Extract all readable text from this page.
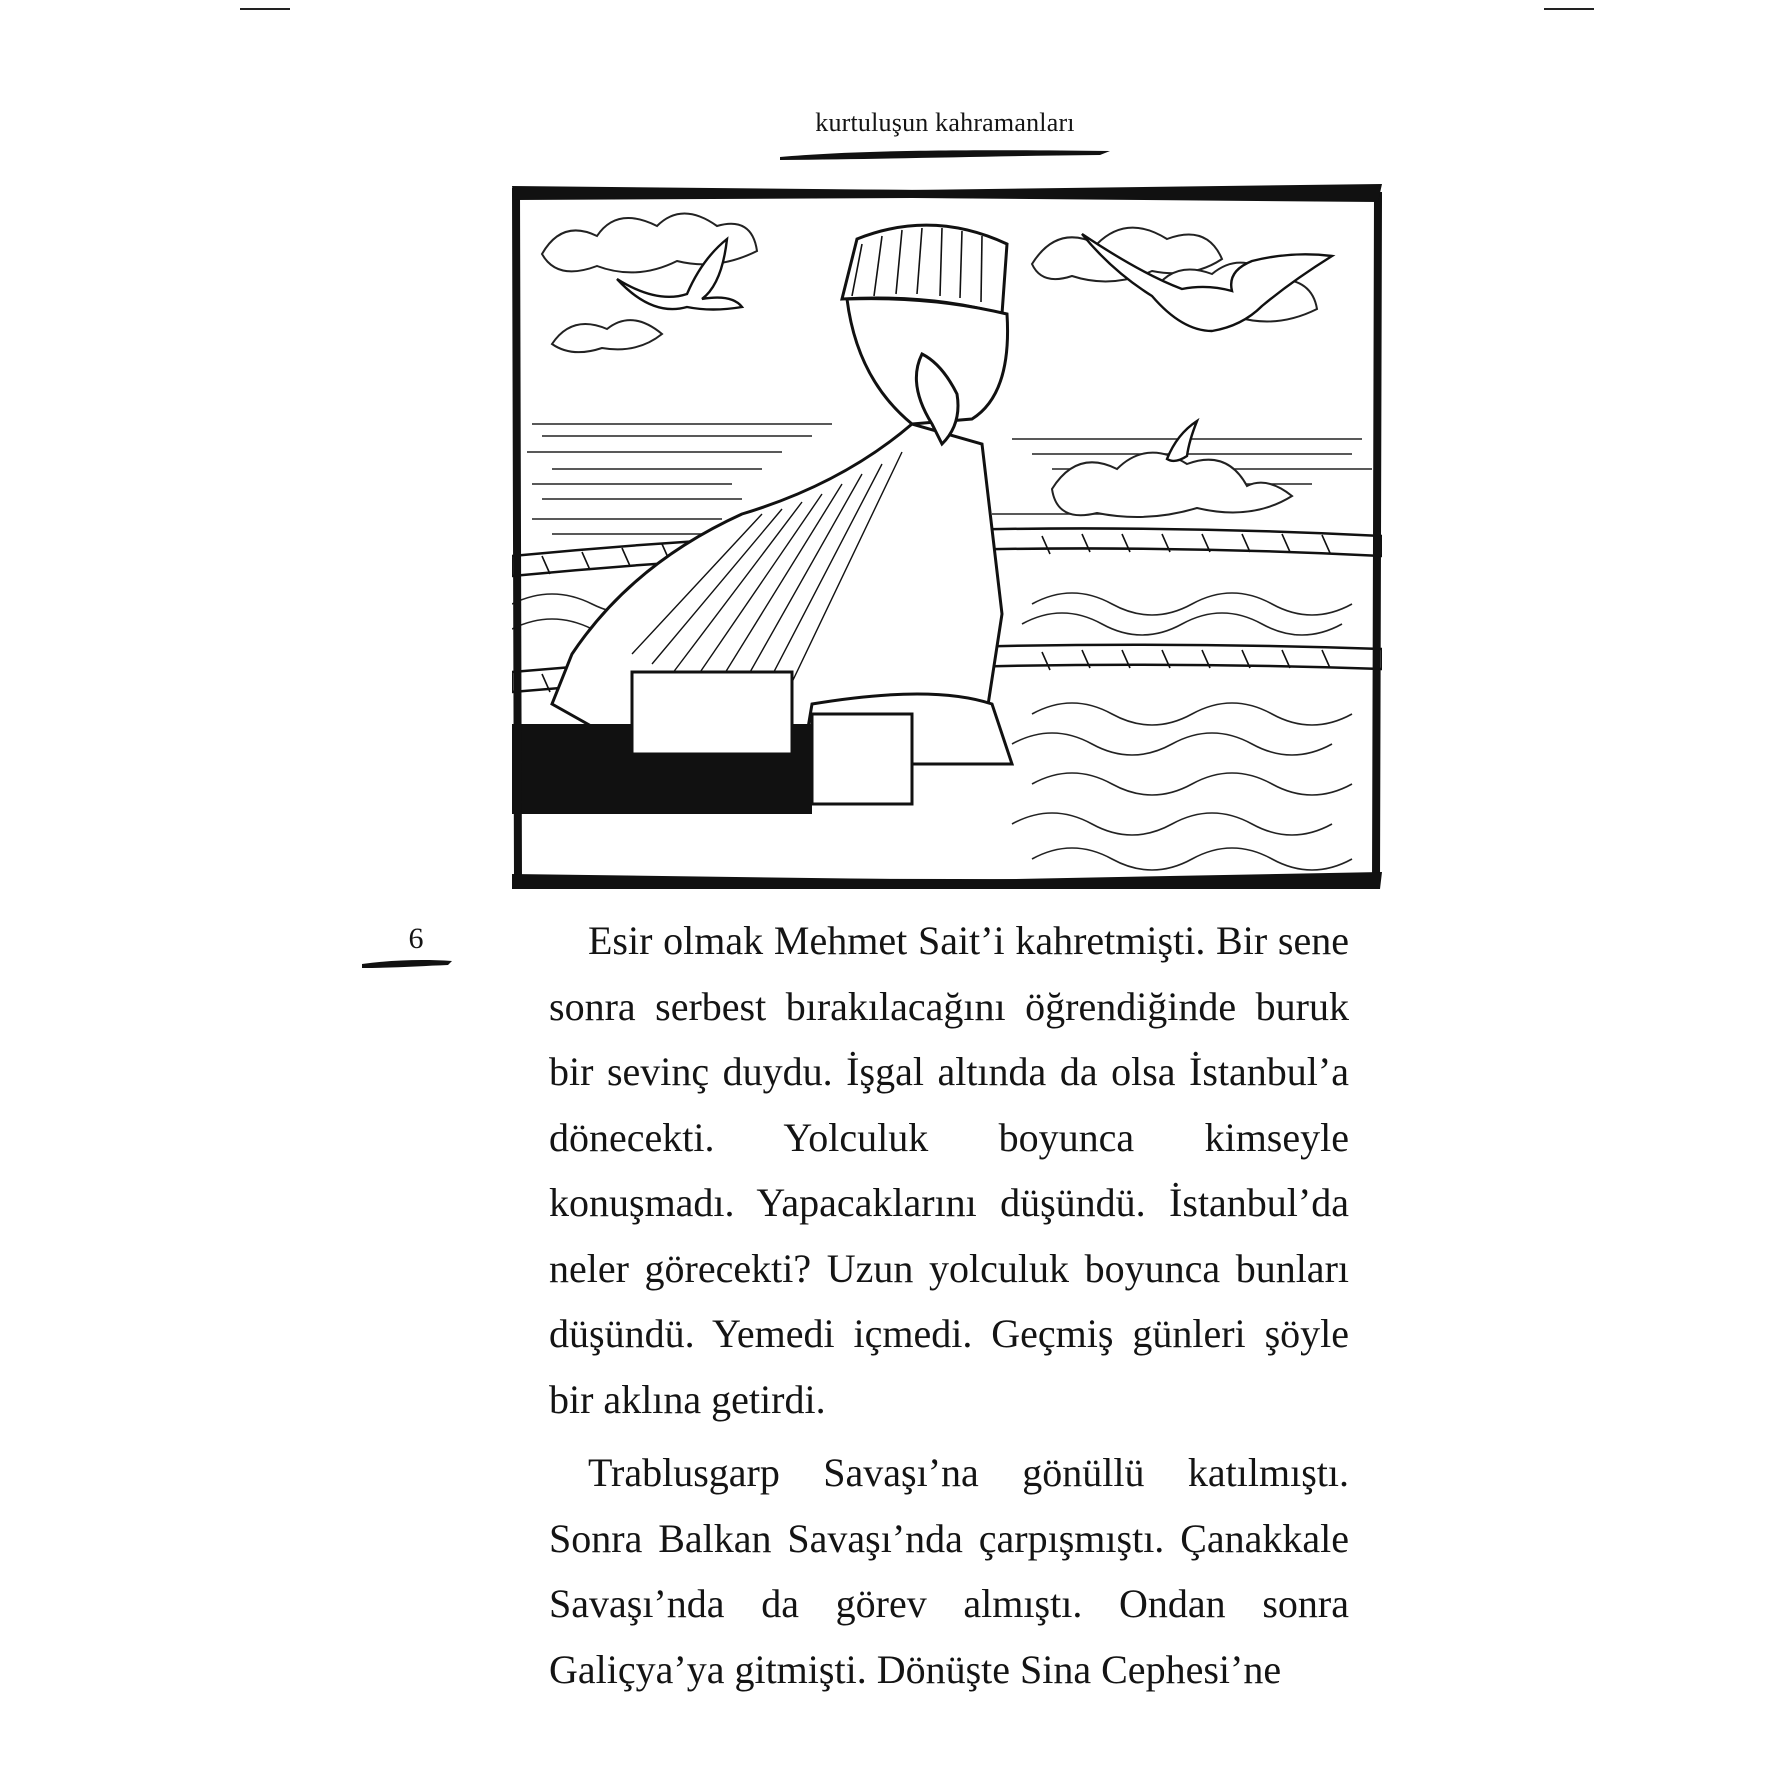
kurtuluşun kahramanları
6	Esir olmak Mehmet Sait’i kahretmişti. Bir sene sonra serbest bırakılacağını öğrendiğinde buruk bir sevinç duydu. İşgal altında da olsa İstanbul’a dönecekti. Yolculuk boyunca kimseyle konuşmadı. Yapacaklarını düşündü. İstanbul’da neler görecekti? Uzun yolculuk boyunca bunları düşündü. Yemedi içmedi. Geçmiş günleri şöyle bir aklına getirdi.

Trablusgarp Savaşı’na gönüllü katılmıştı. Sonra Balkan Savaşı’nda çarpışmıştı. Çanakkale Savaşı’nda da görev almıştı. Ondan sonra Galiçya’ya gitmişti. Dönüşte Sina Cephesi’ne
